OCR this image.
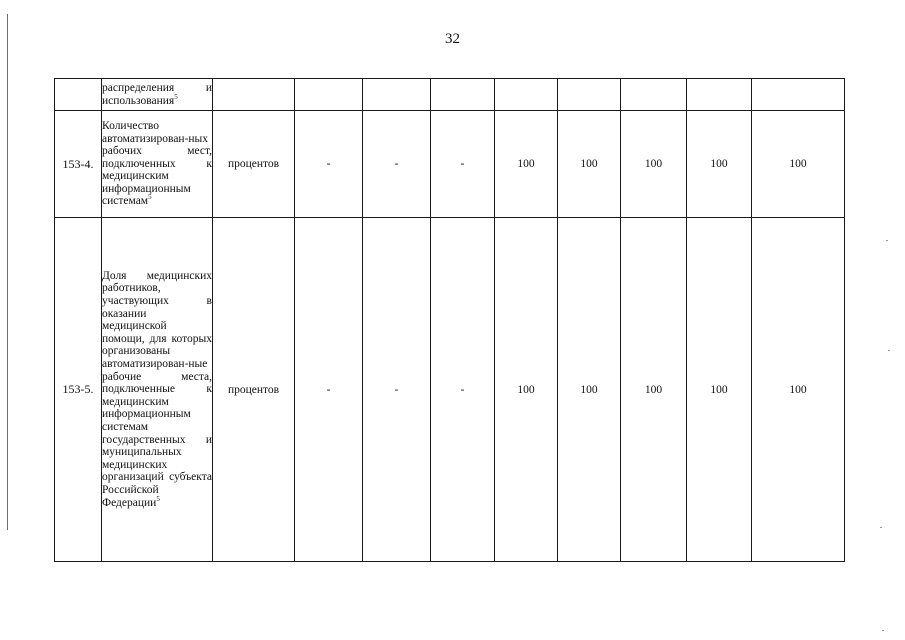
32

	распределения и использования$^5$

153-4.	Количество автоматизирован-ных рабочих мест, подключенных к медицинским информационным системам$^5$	процентов	-	-	-	100	100	100	100	100
153-5.	Доля медицинских работников, участвующих в оказании медицинской помощи, для которых организованы автоматизирован-ные рабочие места, подключенные к медицинским информационным системам государственных и муниципальных медицинских организаций субъекта Российской Федерации$^5$	процентов	-	-	-	100	100	100	100	100
